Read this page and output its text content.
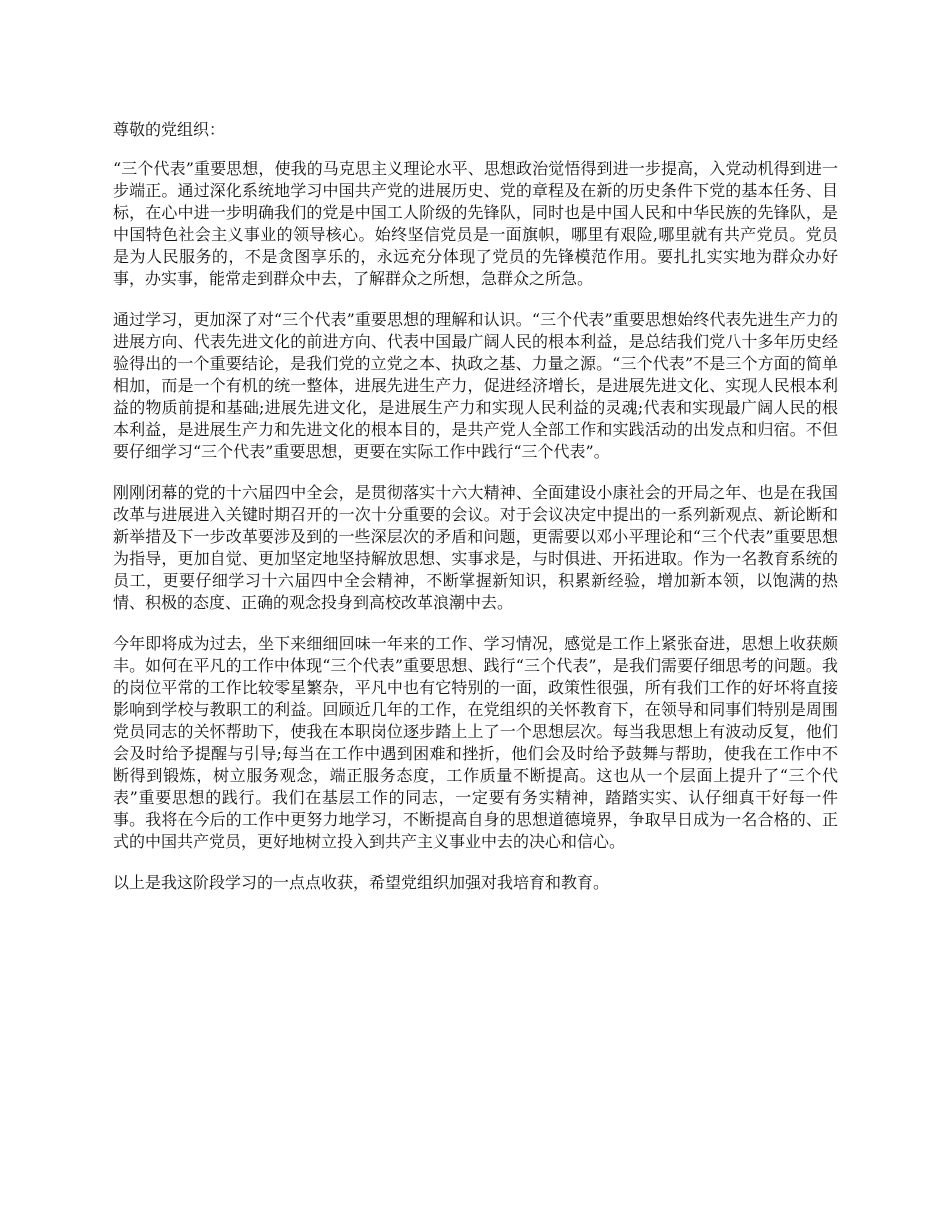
尊敬的党组织：

“三个代表”重要思想，使我的马克思主义理论水平、思想政治觉悟得到进一步提高，入党动机得到进一步端正。通过深化系统地学习中国共产党的进展历史、党的章程及在新的历史条件下党的基本任务、目标，在心中进一步明确我们的党是中国工人阶级的先锋队，同时也是中国人民和中华民族的先锋队，是中国特色社会主义事业的领导核心。始终坚信党员是一面旗帜，哪里有艰险,哪里就有共产党员。党员是为人民服务的，不是贪图享乐的，永远充分体现了党员的先锋模范作用。要扎扎实实地为群众办好事，办实事，能常走到群众中去，了解群众之所想，急群众之所急。

通过学习，更加深了对“三个代表”重要思想的理解和认识。“三个代表”重要思想始终代表先进生产力的进展方向、代表先进文化的前进方向、代表中国最广阔人民的根本利益，是总结我们党八十多年历史经验得出的一个重要结论，是我们党的立党之本、执政之基、力量之源。“三个代表”不是三个方面的简单相加，而是一个有机的统一整体，进展先进生产力，促进经济增长，是进展先进文化、实现人民根本利益的物质前提和基础;进展先进文化，是进展生产力和实现人民利益的灵魂;代表和实现最广阔人民的根本利益，是进展生产力和先进文化的根本目的，是共产党人全部工作和实践活动的出发点和归宿。不但要仔细学习“三个代表”重要思想，更要在实际工作中践行“三个代表”。

刚刚闭幕的党的十六届四中全会，是贯彻落实十六大精神、全面建设小康社会的开局之年、也是在我国改革与进展进入关键时期召开的一次十分重要的会议。对于会议决定中提出的一系列新观点、新论断和新举措及下一步改革要涉及到的一些深层次的矛盾和问题，更需要以邓小平理论和“三个代表”重要思想为指导，更加自觉、更加坚定地坚持解放思想、实事求是，与时俱进、开拓进取。作为一名教育系统的员工，更要仔细学习十六届四中全会精神，不断掌握新知识，积累新经验，增加新本领，以饱满的热情、积极的态度、正确的观念投身到高校改革浪潮中去。

今年即将成为过去，坐下来细细回味一年来的工作、学习情况，感觉是工作上紧张奋进，思想上收获颇丰。如何在平凡的工作中体现“三个代表”重要思想、践行“三个代表”，是我们需要仔细思考的问题。我的岗位平常的工作比较零星繁杂，平凡中也有它特别的一面，政策性很强，所有我们工作的好坏将直接影响到学校与教职工的利益。回顾近几年的工作，在党组织的关怀教育下，在领导和同事们特别是周围党员同志的关怀帮助下，使我在本职岗位逐步踏上上了一个思想层次。每当我思想上有波动反复，他们会及时给予提醒与引导;每当在工作中遇到困难和挫折，他们会及时给予鼓舞与帮助，使我在工作中不断得到锻炼，树立服务观念，端正服务态度，工作质量不断提高。这也从一个层面上提升了“三个代表”重要思想的践行。我们在基层工作的同志，一定要有务实精神，踏踏实实、认仔细真干好每一件事。我将在今后的工作中更努力地学习，不断提高自身的思想道德境界，争取早日成为一名合格的、正式的中国共产党员，更好地树立投入到共产主义事业中去的决心和信心。

以上是我这阶段学习的一点点收获，希望党组织加强对我培育和教育。
